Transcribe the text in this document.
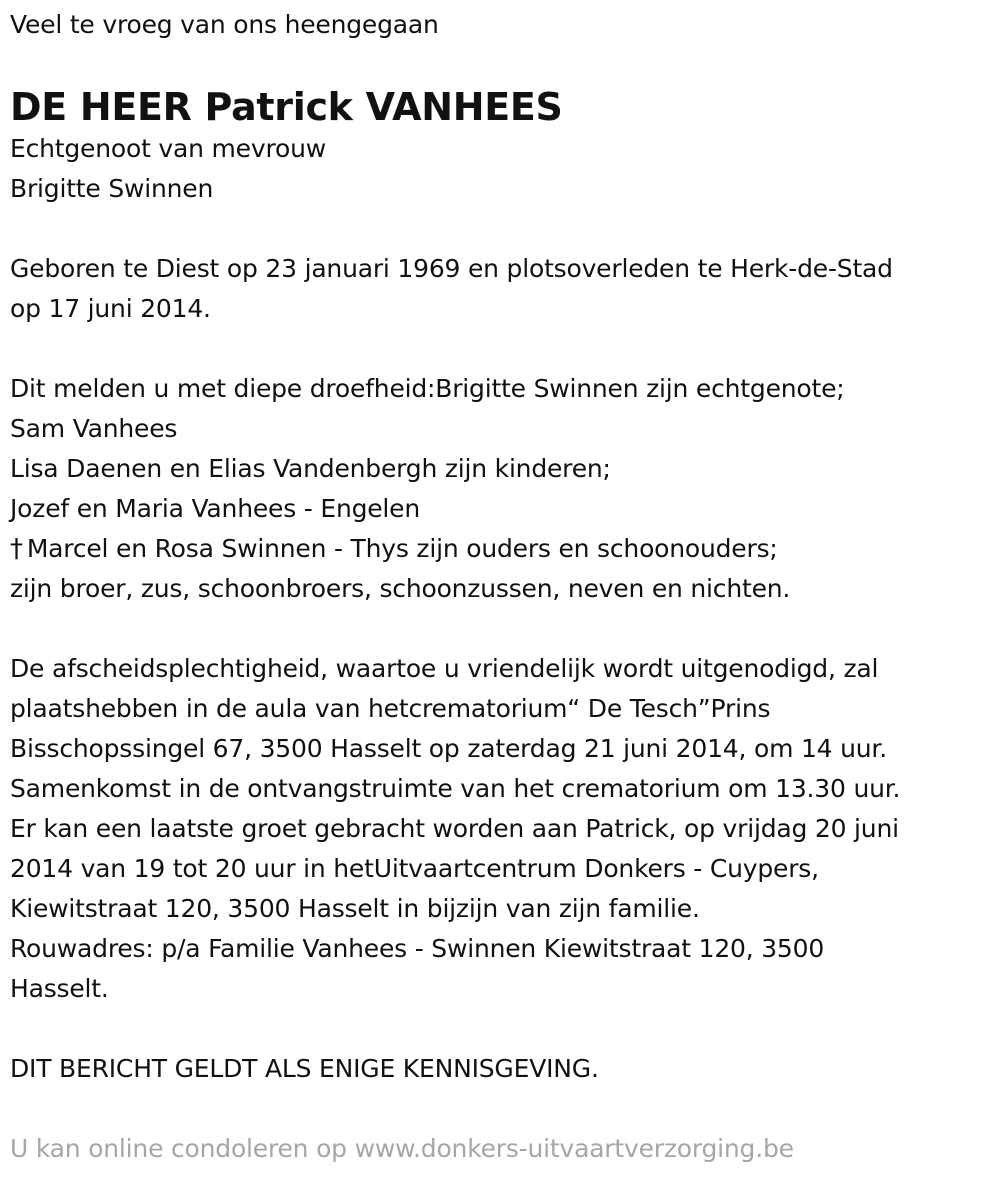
Veel te vroeg van ons heengegaan
DE HEER Patrick VANHEES
Echtgenoot van mevrouw
Brigitte Swinnen
Geboren te Diest op 23 januari 1969 en plotsoverleden te Herk-de-Stad
op 17 juni 2014.
Dit melden u met diepe droefheid:Brigitte Swinnen zijn echtgenote;
Sam Vanhees
Lisa Daenen en Elias Vandenbergh zijn kinderen;
Jozef en Maria Vanhees - Engelen
† Marcel en Rosa Swinnen - Thys zijn ouders en schoonouders;
zijn broer, zus, schoonbroers, schoonzussen, neven en nichten.
De afscheidsplechtigheid, waartoe u vriendelijk wordt uitgenodigd, zal
plaatshebben in de aula van hetcrematorium“ De Tesch”Prins
Bisschopssingel 67, 3500 Hasselt op zaterdag 21 juni 2014, om 14 uur.
Samenkomst in de ontvangstruimte van het crematorium om 13.30 uur.
Er kan een laatste groet gebracht worden aan Patrick, op vrijdag 20 juni
2014 van 19 tot 20 uur in hetUitvaartcentrum Donkers - Cuypers,
Kiewitstraat 120, 3500 Hasselt in bijzijn van zijn familie.
Rouwadres: p/a Familie Vanhees - Swinnen Kiewitstraat 120, 3500
Hasselt.
DIT BERICHT GELDT ALS ENIGE KENNISGEVING.
U kan online condoleren op www.donkers-uitvaartverzorging.be
